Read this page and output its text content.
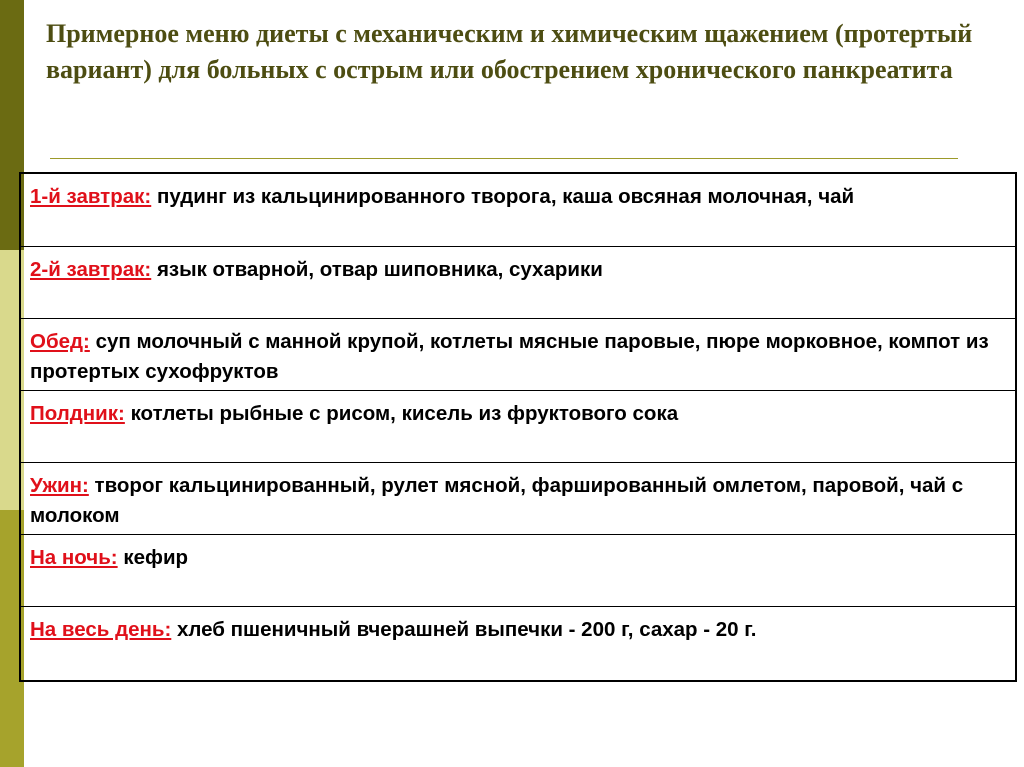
Примерное меню диеты с механическим и химическим щажением (протертый вариант) для больных с острым или обострением хронического панкреатита
1-й завтрак: пудинг из кальцинированного творога, каша овсяная молочная, чай
2-й завтрак: язык отварной, отвар шиповника, сухарики
Обед: суп молочный с манной крупой, котлеты мясные паровые, пюре морковное, компот из протертых сухофруктов
Полдник: котлеты рыбные с рисом, кисель из фруктового сока
Ужин: творог кальцинированный, рулет мясной, фаршированный омлетом, паровой, чай с молоком
На ночь: кефир
На весь день: хлеб пшеничный вчерашней выпечки - 200 г, сахар - 20 г.
